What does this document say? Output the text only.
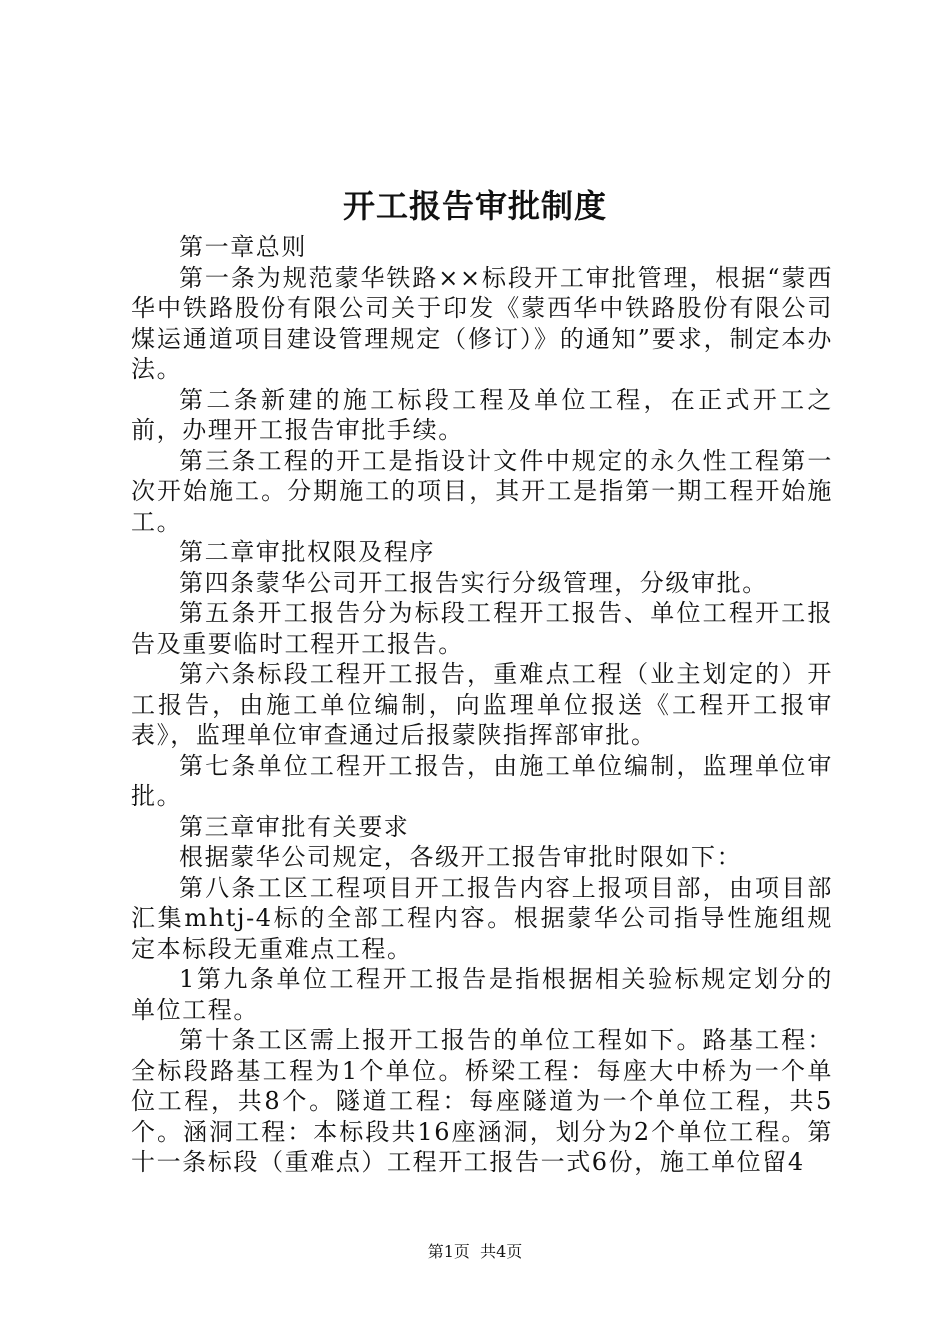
开工报告审批制度

第一章总则

第一条为规范蒙华铁路××标段开工审批管理，根据“蒙西华中铁路股份有限公司关于印发《蒙西华中铁路股份有限公司煤运通道项目建设管理规定（修订）》的通知”要求，制定本办法。

第二条新建的施工标段工程及单位工程，在正式开工之前，办理开工报告审批手续。

第三条工程的开工是指设计文件中规定的永久性工程第一次开始施工。分期施工的项目，其开工是指第一期工程开始施工。

第二章审批权限及程序

第四条蒙华公司开工报告实行分级管理，分级审批。

第五条开工报告分为标段工程开工报告、单位工程开工报告及重要临时工程开工报告。

第六条标段工程开工报告，重难点工程（业主划定的）开工报告，由施工单位编制，向监理单位报送《工程开工报审表》，监理单位审查通过后报蒙陕指挥部审批。

第七条单位工程开工报告，由施工单位编制，监理单位审批。

第三章审批有关要求

根据蒙华公司规定，各级开工报告审批时限如下：

第八条工区工程项目开工报告内容上报项目部，由项目部汇集mhtj-4标的全部工程内容。根据蒙华公司指导性施组规定本标段无重难点工程。

1第九条单位工程开工报告是指根据相关验标规定划分的单位工程。

第十条工区需上报开工报告的单位工程如下。路基工程：全标段路基工程为1个单位。桥梁工程：每座大中桥为一个单位工程，共8个。隧道工程：每座隧道为一个单位工程，共5个。涵洞工程：本标段共16座涵洞，划分为2个单位工程。第十一条标段（重难点）工程开工报告一式6份，施工单位留4

第1页  共4页
